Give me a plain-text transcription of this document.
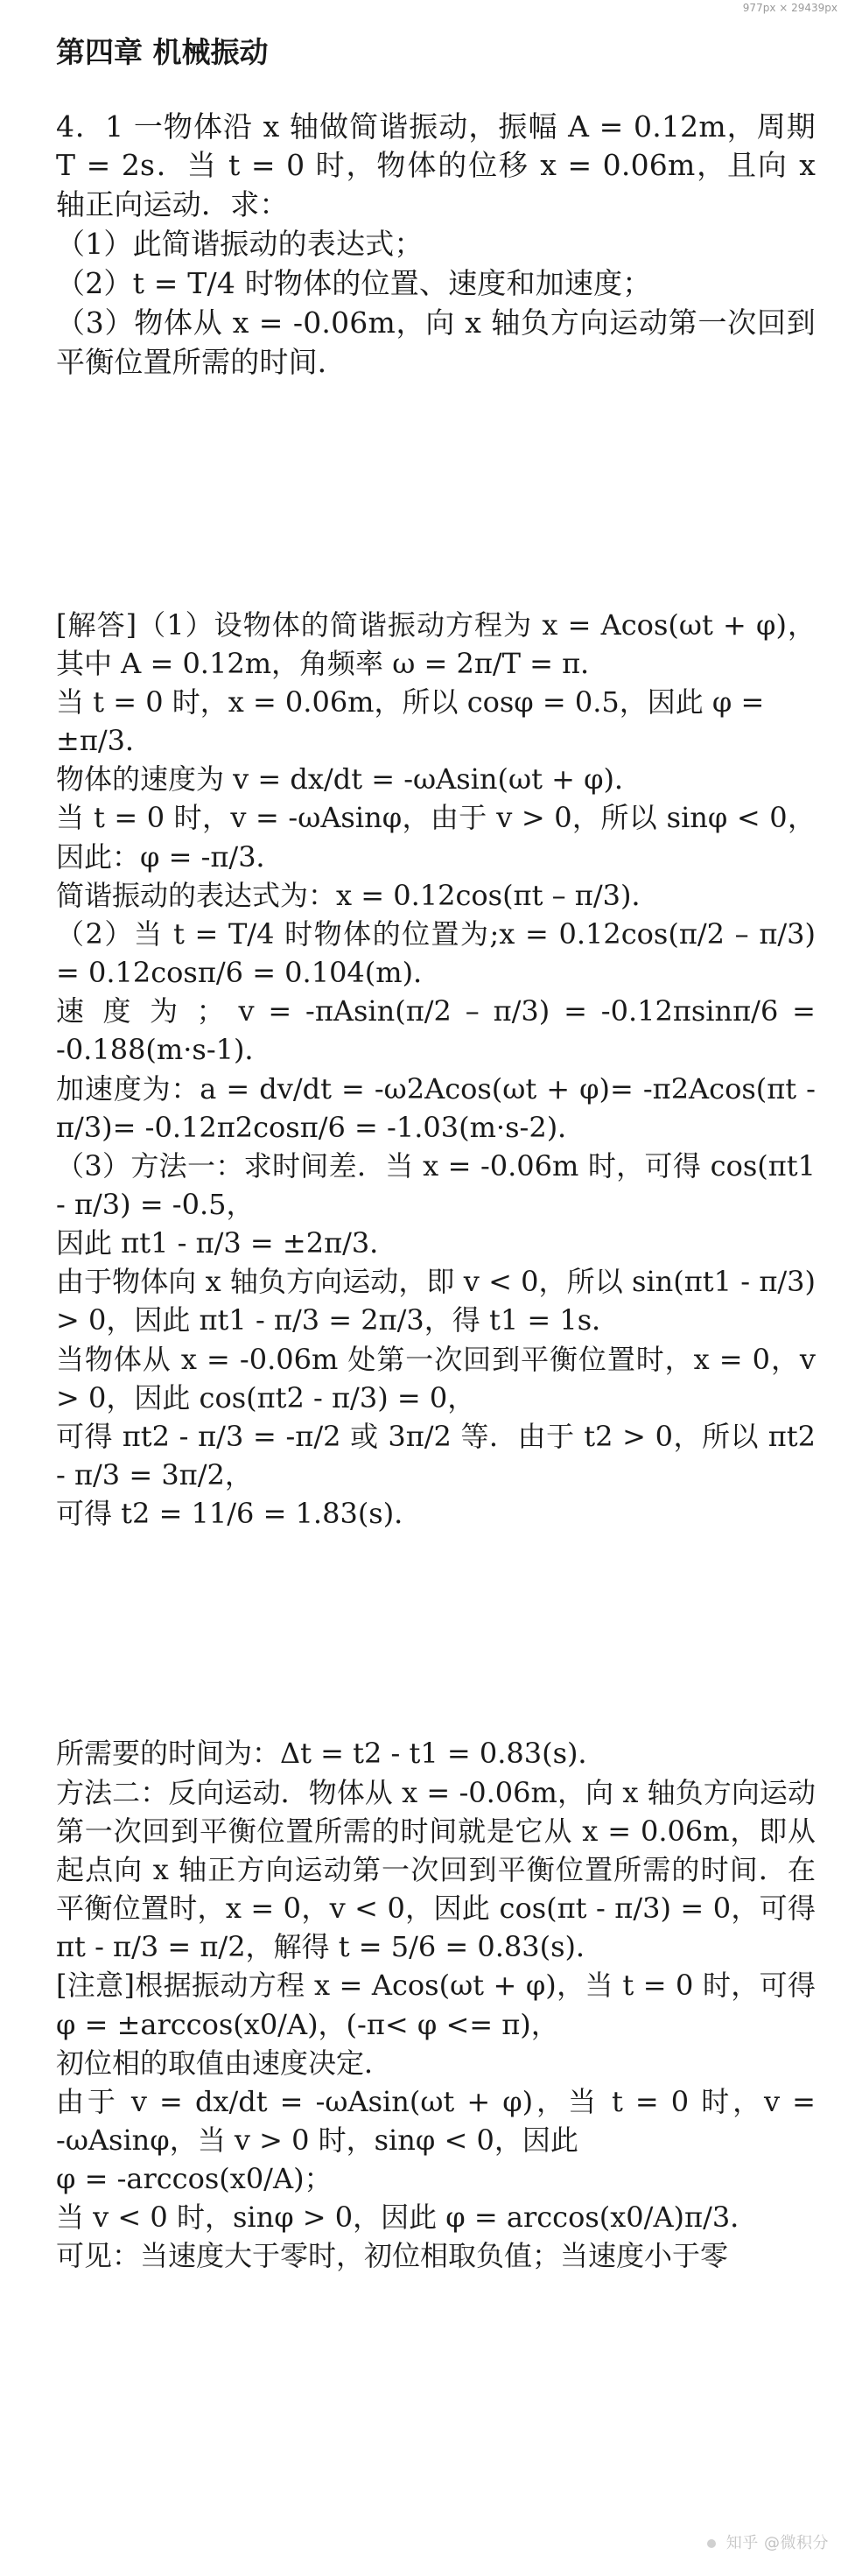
977px × 29439px
第四章 机械振动

4．1 一物体沿 x 轴做简谐振动，振幅 A = 0.12m，周期 T = 2s．当 t = 0 时，物体的位移 x = 0.06m，且向 x 轴正向运动．求：

（1）此简谐振动的表达式；

（2）t = T/4 时物体的位置、速度和加速度；

（3）物体从 x = -0.06m，向 x 轴负方向运动第一次回到平衡位置所需的时间．

[解答]（1）设物体的简谐振动方程为 x = Acos(ωt + φ)，其中 A = 0.12m，角频率 ω = 2π/T = π．

当 t = 0 时，x = 0.06m，所以 cosφ = 0.5，因此 φ = ±π/3．

物体的速度为 v = dx/dt = -ωAsin(ωt + φ)．

当 t = 0 时，v = -ωAsinφ，由于 v > 0，所以 sinφ < 0，因此：φ = -π/3．

简谐振动的表达式为：x = 0.12cos(πt – π/3)．

（2）当 t = T/4 时物体的位置为;x = 0.12cos(π/2 – π/3) = 0.12cosπ/6 = 0.104(m)．

速 度 为 ； v = -πAsin(π/2 – π/3) = -0.12πsinπ/6 = -0.188(m·s-1)．

加速度为：a = dv/dt = -ω2Acos(ωt + φ)= -π2Acos(πt - π/3)= -0.12π2cosπ/6 = -1.03(m·s-2)．

（3）方法一：求时间差．当 x = -0.06m 时，可得 cos(πt1 - π/3) = -0.5，

因此 πt1 - π/3 = ±2π/3．

由于物体向 x 轴负方向运动，即 v < 0，所以 sin(πt1 - π/3) > 0，因此 πt1 - π/3 = 2π/3，得 t1 = 1s．

当物体从 x = -0.06m 处第一次回到平衡位置时，x = 0，v > 0，因此 cos(πt2 - π/3) = 0，

可得 πt2 - π/3 = -π/2 或 3π/2 等．由于 t2 > 0，所以 πt2 - π/3 = 3π/2，

可得 t2 = 11/6 = 1.83(s)．

所需要的时间为：Δt = t2 - t1 = 0.83(s)．

方法二：反向运动．物体从 x = -0.06m，向 x 轴负方向运动第一次回到平衡位置所需的时间就是它从 x = 0.06m，即从起点向 x 轴正方向运动第一次回到平衡位置所需的时间．在平衡位置时，x = 0，v < 0，因此 cos(πt - π/3) = 0，可得 πt - π/3 = π/2，解得 t = 5/6 = 0.83(s)．

[注意]根据振动方程 x = Acos(ωt + φ)，当 t = 0 时，可得 φ = ±arccos(x0/A)，(-π< φ <= π)，

初位相的取值由速度决定．

由于 v = dx/dt = -ωAsin(ωt + φ)，当 t = 0 时，v = -ωAsinφ，当 v > 0 时，sinφ < 0，因此

φ = -arccos(x0/A)；

当 v < 0 时，sinφ > 0，因此 φ = arccos(x0/A)π/3．

可见：当速度大于零时，初位相取负值；当速度小于零

知乎 @微积分
